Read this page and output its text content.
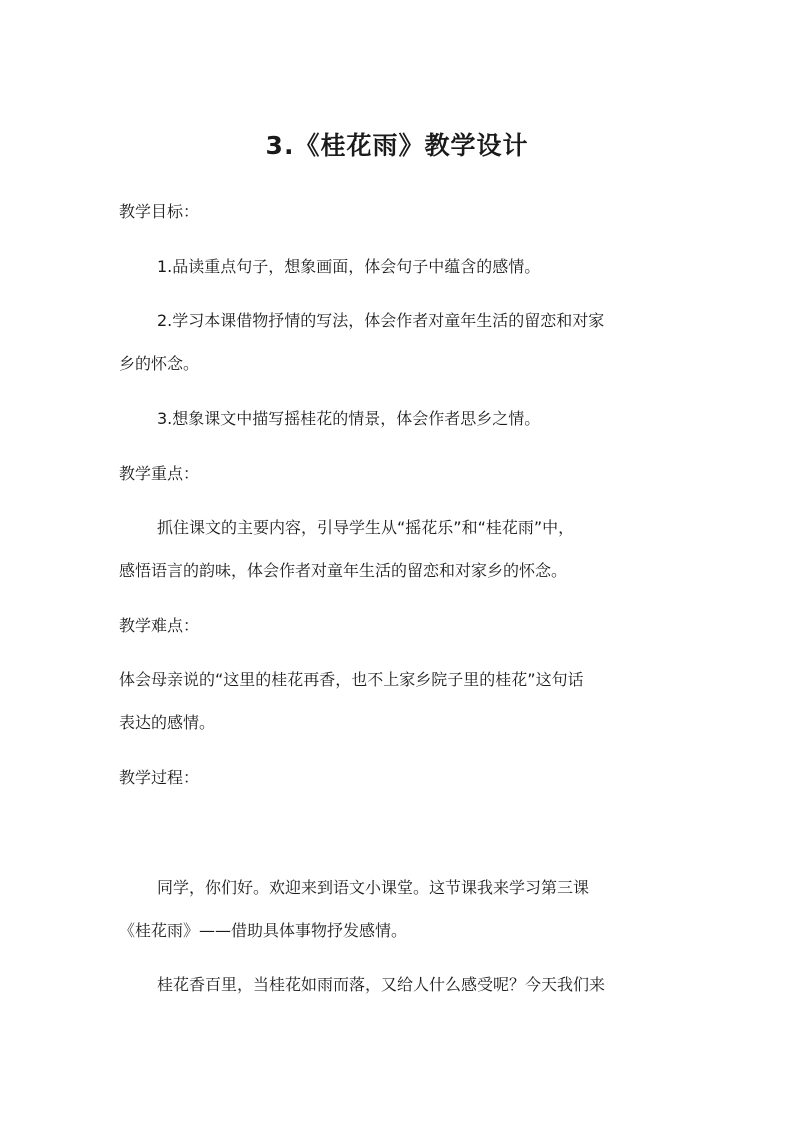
3.《桂花雨》教学设计
教学目标：
1.品读重点句子，想象画面，体会句子中蕴含的感情。
2.学习本课借物抒情的写法，体会作者对童年生活的留恋和对家
乡的怀念。
3.想象课文中描写摇桂花的情景，体会作者思乡之情。
教学重点：
抓住课文的主要内容，引导学生从“摇花乐”和“桂花雨”中，
感悟语言的韵味，体会作者对童年生活的留恋和对家乡的怀念。
教学难点：
体会母亲说的“这里的桂花再香，也不上家乡院子里的桂花”这句话
表达的感情。
教学过程：
同学，你们好。欢迎来到语文小课堂。这节课我来学习第三课
《桂花雨》——借助具体事物抒发感情。
桂花香百里，当桂花如雨而落，又给人什么感受呢？今天我们来
